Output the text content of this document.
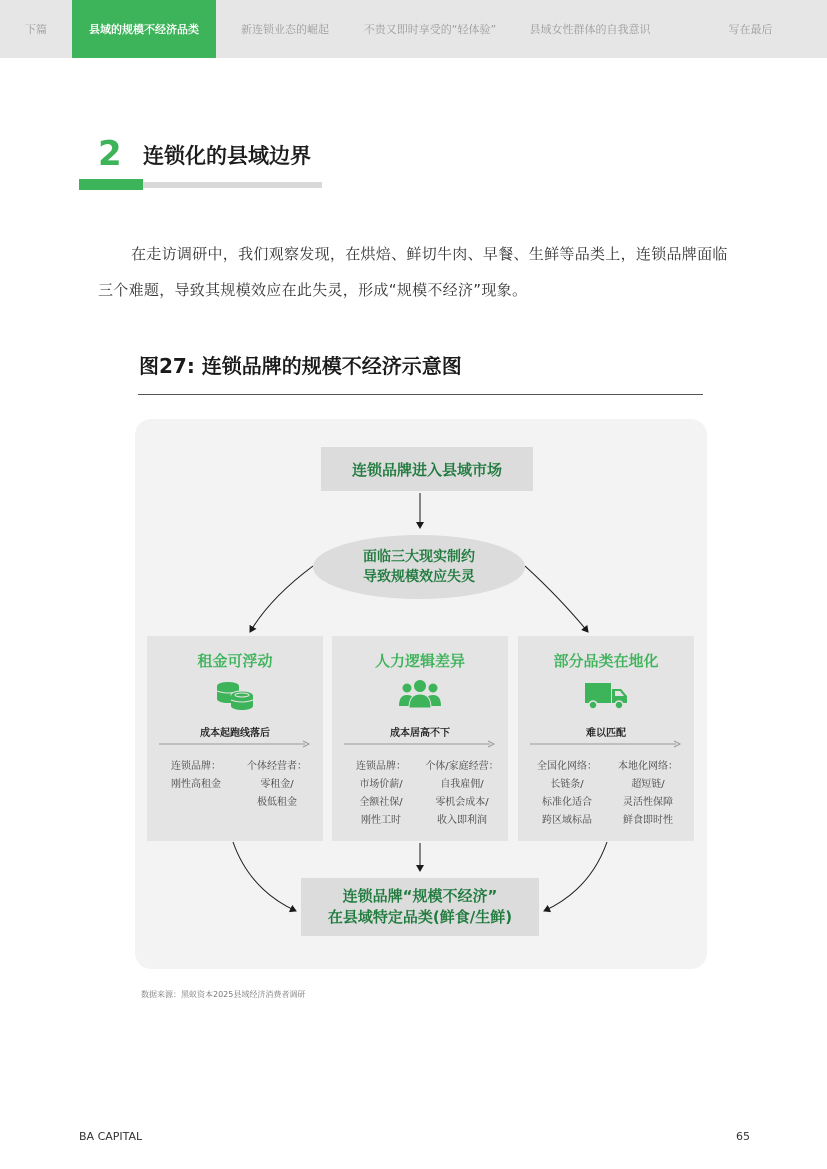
下篇	县域的规模不经济品类	新连锁业态的崛起	不贵又即时享受的“轻体验”	县域女性群体的自我意识	写在最后
2 连锁化的县域边界

在走访调研中，我们观察发现，在烘焙、鲜切牛肉、早餐、生鲜等品类上，连锁品牌面临三个难题，导致其规模效应在此失灵，形成“规模不经济”现象。

图27: 连锁品牌的规模不经济示意图
连锁品牌进入县域市场
面临三大现实制约
导致规模效应失灵
租金可浮动
成本起跑线落后
连锁品牌：
刚性高租金
个体经营者：
零租金/
极低租金
人力逻辑差异
成本居高不下
连锁品牌：
市场价薪/
全额社保/
刚性工时
个体/家庭经营：
自我雇佣/
零机会成本/
收入即利润
部分品类在地化
难以匹配
全国化网络：
长链条/
标准化适合
跨区域标品
本地化网络：
超短链/
灵活性保障
鲜食即时性
连锁品牌“规模不经济”
在县域特定品类(鲜食/生鲜)
数据来源：黑蚁资本2025县域经济消费者调研
BA CAPITAL	65
